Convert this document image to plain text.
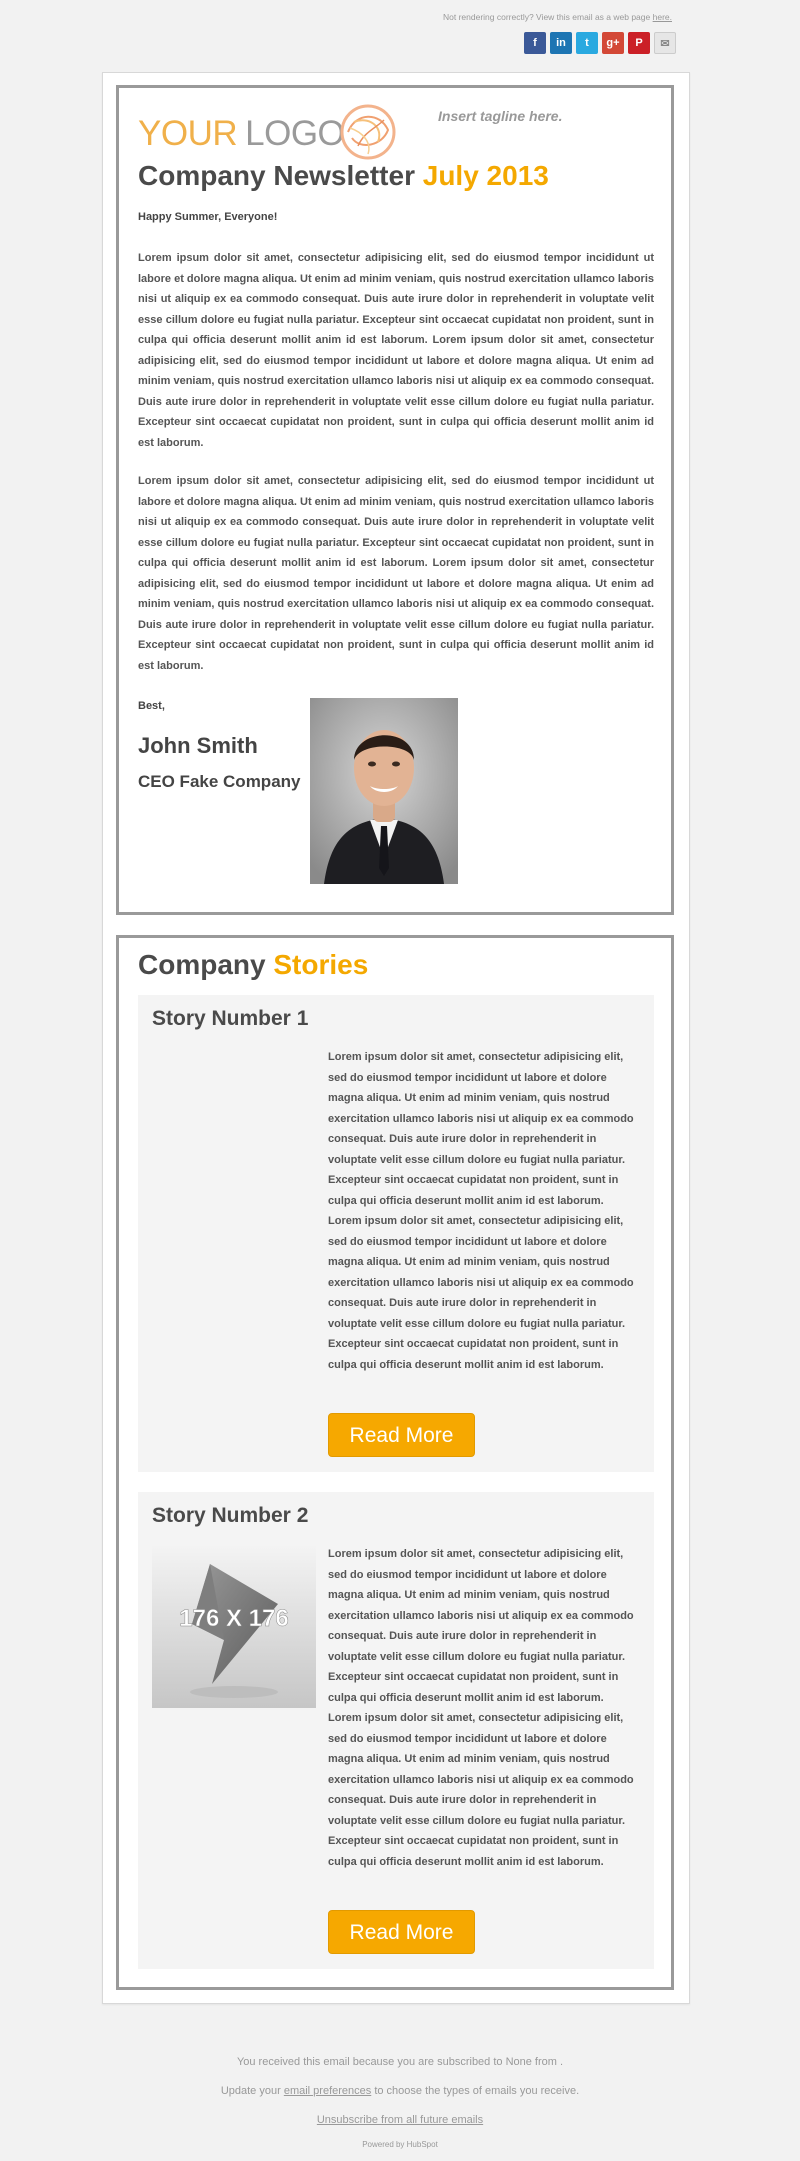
Not rendering correctly? View this email as a web page here.
f	in	t	g+	P	✉
YOUR LOGO	Insert tagline here.
Company Newsletter July 2013
Happy Summer, Everyone!

Lorem ipsum dolor sit amet, consectetur adipisicing elit, sed do eiusmod tempor incididunt ut labore et dolore magna aliqua. Ut enim ad minim veniam, quis nostrud exercitation ullamco laboris nisi ut aliquip ex ea commodo consequat. Duis aute irure dolor in reprehenderit in voluptate velit esse cillum dolore eu fugiat nulla pariatur. Excepteur sint occaecat cupidatat non proident, sunt in culpa qui officia deserunt mollit anim id est laborum. Lorem ipsum dolor sit amet, consectetur adipisicing elit, sed do eiusmod tempor incididunt ut labore et dolore magna aliqua. Ut enim ad minim veniam, quis nostrud exercitation ullamco laboris nisi ut aliquip ex ea commodo consequat. Duis aute irure dolor in reprehenderit in voluptate velit esse cillum dolore eu fugiat nulla pariatur. Excepteur sint occaecat cupidatat non proident, sunt in culpa qui officia deserunt mollit anim id est laborum.

Lorem ipsum dolor sit amet, consectetur adipisicing elit, sed do eiusmod tempor incididunt ut labore et dolore magna aliqua. Ut enim ad minim veniam, quis nostrud exercitation ullamco laboris nisi ut aliquip ex ea commodo consequat. Duis aute irure dolor in reprehenderit in voluptate velit esse cillum dolore eu fugiat nulla pariatur. Excepteur sint occaecat cupidatat non proident, sunt in culpa qui officia deserunt mollit anim id est laborum. Lorem ipsum dolor sit amet, consectetur adipisicing elit, sed do eiusmod tempor incididunt ut labore et dolore magna aliqua. Ut enim ad minim veniam, quis nostrud exercitation ullamco laboris nisi ut aliquip ex ea commodo consequat. Duis aute irure dolor in reprehenderit in voluptate velit esse cillum dolore eu fugiat nulla pariatur. Excepteur sint occaecat cupidatat non proident, sunt in culpa qui officia deserunt mollit anim id est laborum.

Best,
John Smith
CEO Fake Company
Company Stories
Story Number 1

Lorem ipsum dolor sit amet, consectetur adipisicing elit, sed do eiusmod tempor incididunt ut labore et dolore magna aliqua. Ut enim ad minim veniam, quis nostrud exercitation ullamco laboris nisi ut aliquip ex ea commodo consequat. Duis aute irure dolor in reprehenderit in voluptate velit esse cillum dolore eu fugiat nulla pariatur. Excepteur sint occaecat cupidatat non proident, sunt in culpa qui officia deserunt mollit anim id est laborum. Lorem ipsum dolor sit amet, consectetur adipisicing elit, sed do eiusmod tempor incididunt ut labore et dolore magna aliqua. Ut enim ad minim veniam, quis nostrud exercitation ullamco laboris nisi ut aliquip ex ea commodo consequat. Duis aute irure dolor in reprehenderit in voluptate velit esse cillum dolore eu fugiat nulla pariatur. Excepteur sint occaecat cupidatat non proident, sunt in culpa qui officia deserunt mollit anim id est laborum.

Read More
Story Number 2
176 X 176

Lorem ipsum dolor sit amet, consectetur adipisicing elit, sed do eiusmod tempor incididunt ut labore et dolore magna aliqua. Ut enim ad minim veniam, quis nostrud exercitation ullamco laboris nisi ut aliquip ex ea commodo consequat. Duis aute irure dolor in reprehenderit in voluptate velit esse cillum dolore eu fugiat nulla pariatur. Excepteur sint occaecat cupidatat non proident, sunt in culpa qui officia deserunt mollit anim id est laborum. Lorem ipsum dolor sit amet, consectetur adipisicing elit, sed do eiusmod tempor incididunt ut labore et dolore magna aliqua. Ut enim ad minim veniam, quis nostrud exercitation ullamco laboris nisi ut aliquip ex ea commodo consequat. Duis aute irure dolor in reprehenderit in voluptate velit esse cillum dolore eu fugiat nulla pariatur. Excepteur sint occaecat cupidatat non proident, sunt in culpa qui officia deserunt mollit anim id est laborum.

Read More
You received this email because you are subscribed to None from .
Update your email preferences to choose the types of emails you receive.
Unsubscribe from all future emails
Powered by HubSpot
